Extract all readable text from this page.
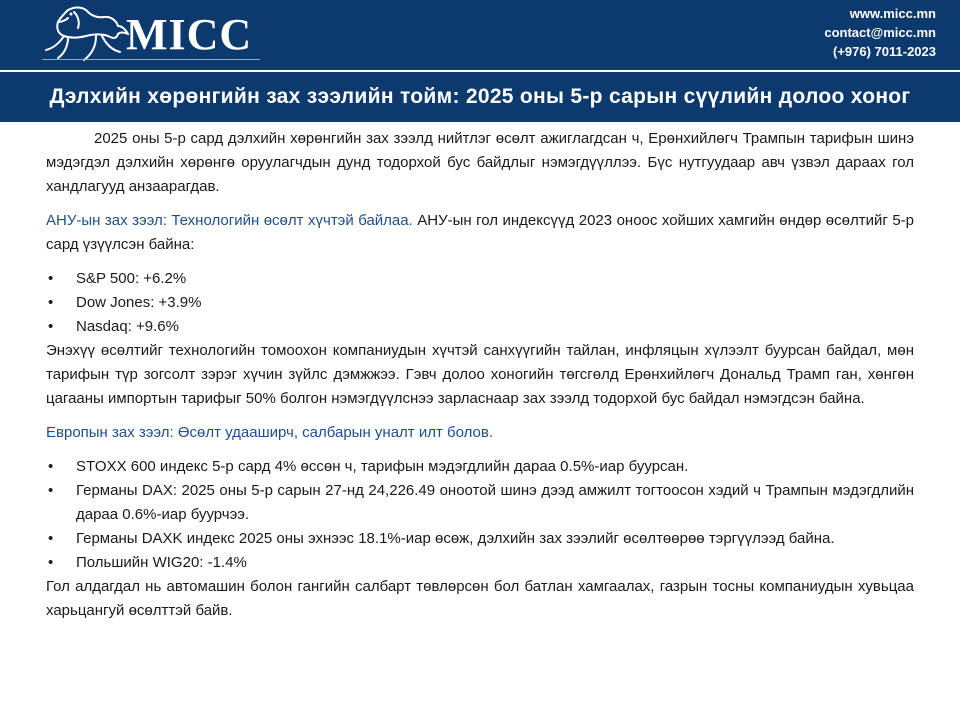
MICC	www.micc.mn
contact@micc.mn
(+976) 7011-2023
Дэлхийн хөрөнгийн зах зээлийн тойм: 2025 оны 5-р сарын сүүлийн долоо хоног

2025 оны 5-р сард дэлхийн хөрөнгийн зах зээлд нийтлэг өсөлт ажиглагдсан ч, Ерөнхийлөгч Трампын тарифын шинэ мэдэгдэл дэлхийн хөрөнгө оруулагчдын дунд тодорхой бус байдлыг нэмэгдүүллээ. Бүс нутгуудаар авч үзвэл дараах гол хандлагууд анзаарагдав.

АНУ-ын зах зээл: Технологийн өсөлт хүчтэй байлаа. АНУ-ын гол индексүүд 2023 оноос хойших хамгийн өндөр өсөлтийг 5-р сард үзүүлсэн байна:

• S&P 500: +6.2%
• Dow Jones: +3.9%
• Nasdaq: +9.6%

Энэхүү өсөлтийг технологийн томоохон компаниудын хүчтэй санхүүгийн тайлан, инфляцын хүлээлт буурсан байдал, мөн тарифын түр зогсолт зэрэг хүчин зүйлс дэмжжээ. Гэвч долоо хоногийн төгсгөлд Ерөнхийлөгч Дональд Трамп ган, хөнгөн цагааны импортын тарифыг 50% болгон нэмэгдүүлснээ зарласнаар зах зээлд тодорхой бус байдал нэмэгдсэн байна.

Европын зах зээл: Өсөлт удааширч, салбарын уналт илт болов.

• STOXX 600 индекс 5-р сард 4% өссөн ч, тарифын мэдэгдлийн дараа 0.5%-иар буурсан.
• Германы DAX: 2025 оны 5-р сарын 27-нд 24,226.49 оноотой шинэ дээд амжилт тогтоосон хэдий ч Трампын мэдэгдлийн дараа 0.6%-иар буурчээ.
• Германы DAXK индекс 2025 оны эхнээс 18.1%-иар өсөж, дэлхийн зах зээлийг өсөлтөөрөө тэргүүлээд байна.
• Польшийн WIG20: -1.4%

Гол алдагдал нь автомашин болон гангийн салбарт төвлөрсөн бол батлан хамгаалах, газрын тосны компаниудын хувьцаа харьцангуй өсөлттэй байв.
